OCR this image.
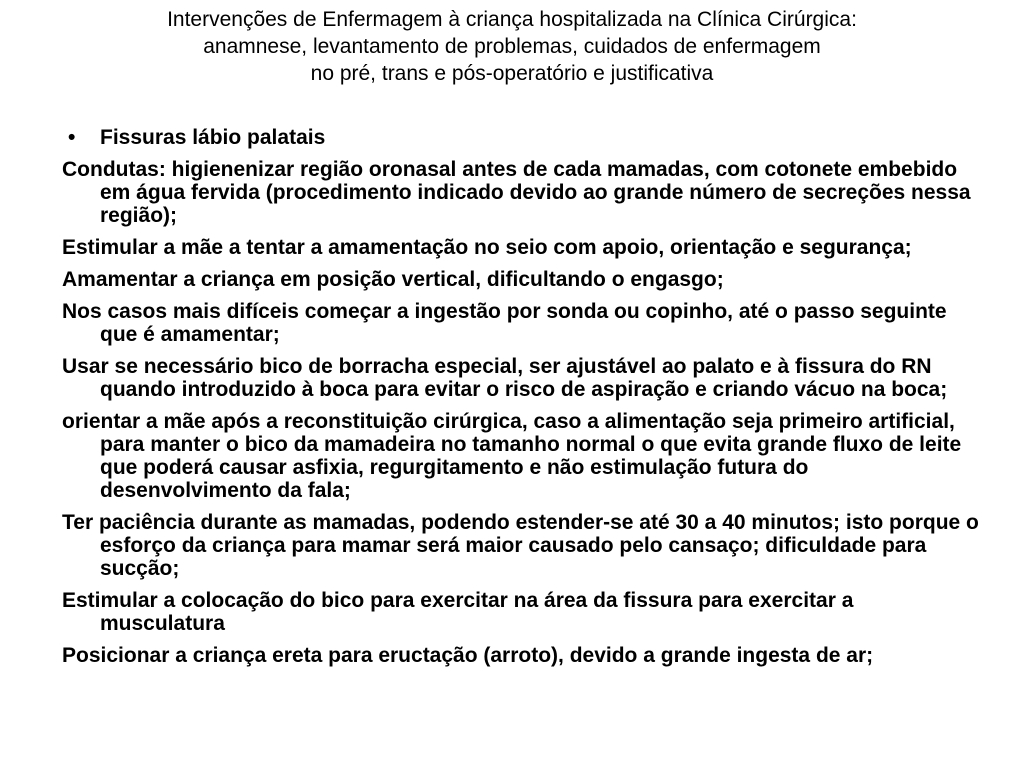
Intervenções de Enfermagem à criança hospitalizada na Clínica Cirúrgica:
anamnese, levantamento de problemas, cuidados de enfermagem
no pré, trans e pós-operatório e justificativa
•	Fissuras lábio palatais

Condutas: higienenizar região oronasal antes de cada mamadas, com cotonete embebido em água fervida (procedimento indicado devido ao grande número de secreções nessa região);

Estimular a mãe a tentar a amamentação no seio com apoio, orientação e segurança;

Amamentar a criança em posição vertical, dificultando o engasgo;

Nos casos mais difíceis começar a ingestão por sonda ou copinho, até o passo seguinte que é amamentar;

Usar se necessário bico de borracha especial, ser ajustável ao palato e à fissura do RN quando introduzido à boca para evitar o risco de aspiração e criando vácuo na boca;

orientar a mãe após a reconstituição cirúrgica, caso a alimentação seja primeiro artificial, para manter o bico da mamadeira no tamanho normal o que evita grande fluxo de leite que poderá causar asfixia, regurgitamento e não estimulação futura do desenvolvimento da fala;

Ter paciência durante as mamadas, podendo estender-se até 30 a 40 minutos; isto porque o esforço da criança para mamar será maior causado pelo cansaço; dificuldade para sucção;

Estimular a colocação do bico para exercitar na área da fissura para exercitar a musculatura

Posicionar a criança ereta para eructação (arroto), devido a grande ingesta de ar;
